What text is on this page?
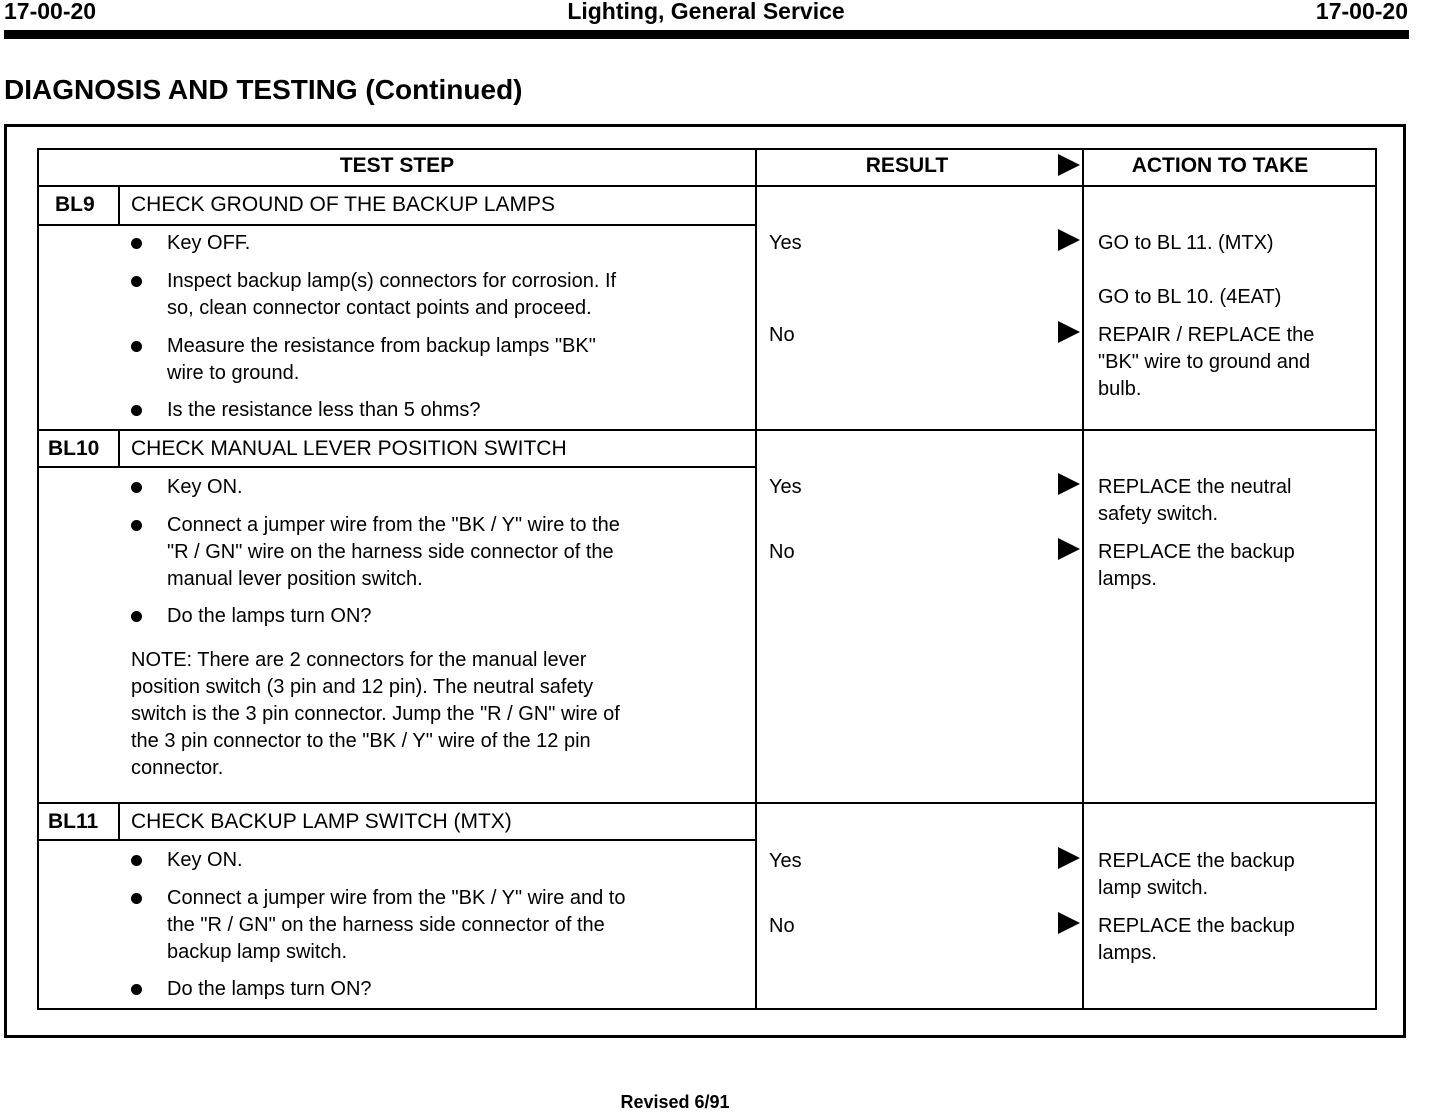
17-00-20	Lighting, General Service	17-00-20
DIAGNOSIS AND TESTING (Continued)
TEST STEP	RESULT	ACTION TO TAKE
BL9 CHECK GROUND OF THE BACKUP LAMPS
Key OFF.
Inspect backup lamp(s) connectors for corrosion. If
so, clean connector contact points and proceed.
Measure the resistance from backup lamps "BK"
wire to ground.
Is the resistance less than 5 ohms?
Yes	GO to BL 11. (MTX)

GO to BL 10. (4EAT)
No	REPAIR / REPLACE the
"BK" wire to ground and
bulb.
BL10 CHECK MANUAL LEVER POSITION SWITCH
Key ON.
Connect a jumper wire from the "BK / Y" wire to the
"R / GN" wire on the harness side connector of the
manual lever position switch.
Do the lamps turn ON?
NOTE: There are 2 connectors for the manual lever
position switch (3 pin and 12 pin). The neutral safety
switch is the 3 pin connector. Jump the "R / GN" wire of
the 3 pin connector to the "BK / Y" wire of the 12 pin
connector.
Yes	REPLACE the neutral
safety switch.
No	REPLACE the backup
lamps.
BL11 CHECK BACKUP LAMP SWITCH (MTX)
Key ON.
Connect a jumper wire from the "BK / Y" wire and to
the "R / GN" on the harness side connector of the
backup lamp switch.
Do the lamps turn ON?
Yes	REPLACE the backup
lamp switch.
No	REPLACE the backup
lamps.
Revised 6/91
